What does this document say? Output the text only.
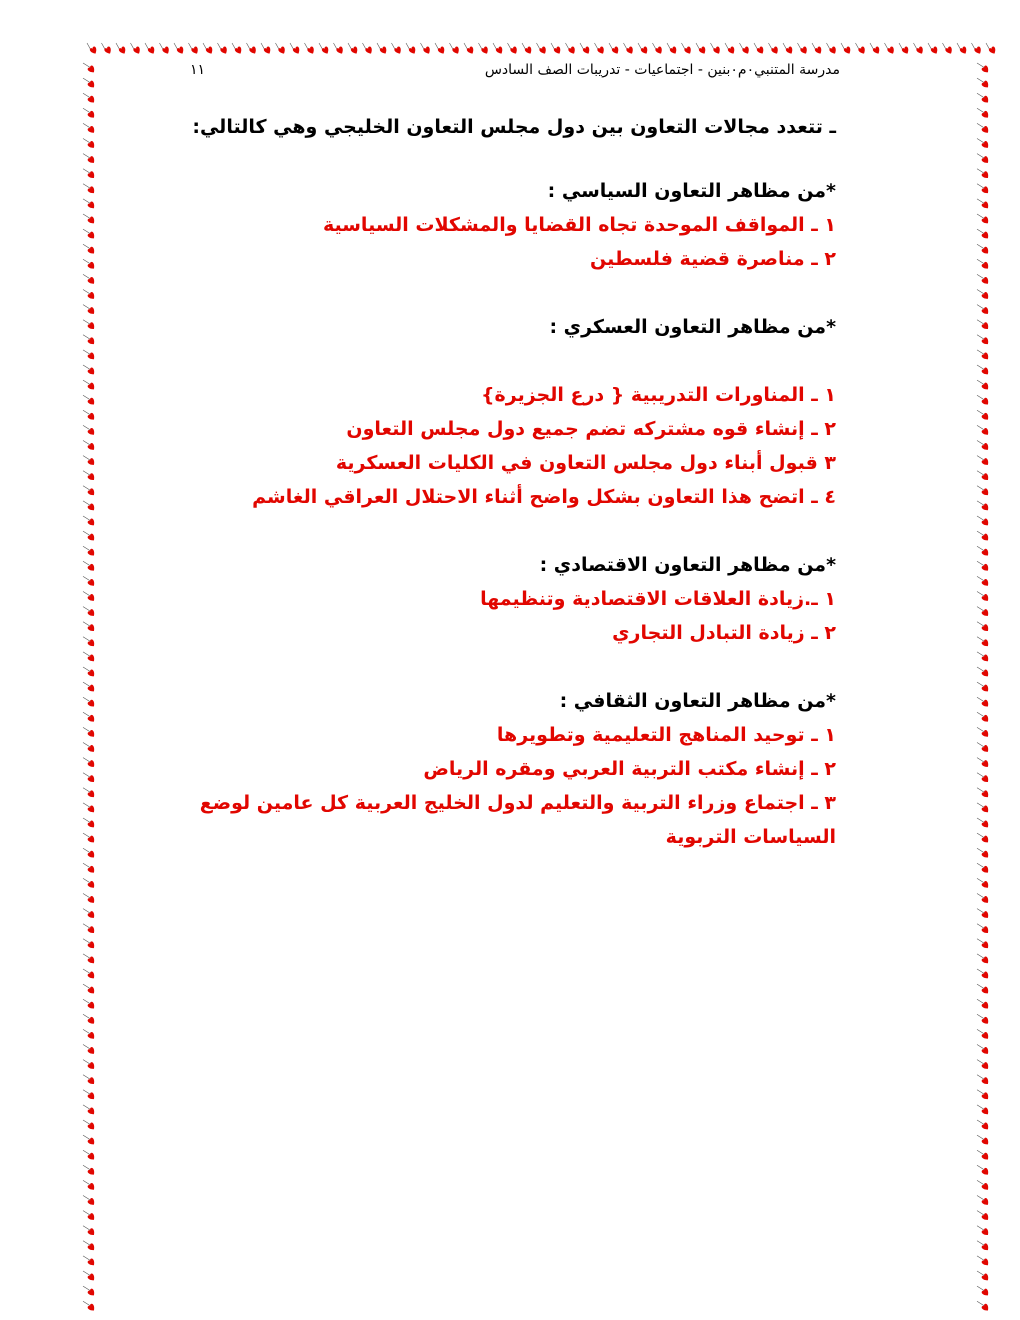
مدرسة المتنبي٠م٠بنين - اجتماعيات - تدريبات الصف السادس
١١

ـ تتعدد مجالات التعاون بين دول مجلس التعاون الخليجي وهي كالتالي:

*من مظاهر التعاون السياسي :

١ ـ المواقف الموحدة تجاه القضايا والمشكلات السياسية
٢ ـ مناصرة قضية فلسطين

*من مظاهر التعاون العسكري :

١ ـ المناورات التدريبية { درع الجزيرة}
٢ ـ إنشاء قوه مشتركه تضم جميع دول مجلس التعاون
٣ قبول أبناء دول مجلس التعاون في الكليات العسكرية
٤ ـ اتضح هذا التعاون بشكل واضح أثناء الاحتلال العراقي الغاشم

*من مظاهر التعاون الاقتصادي :

١ ـ.زيادة العلاقات الاقتصادية وتنظيمها
٢ ـ زيادة التبادل التجاري

*من مظاهر التعاون الثقافي :

١ ـ توحيد المناهج التعليمية وتطويرها
٢ ـ إنشاء مكتب التربية العربي ومقره الرياض
٣ ـ اجتماع وزراء التربية والتعليم لدول الخليج العربية كل عامين لوضع السياسات التربوية
